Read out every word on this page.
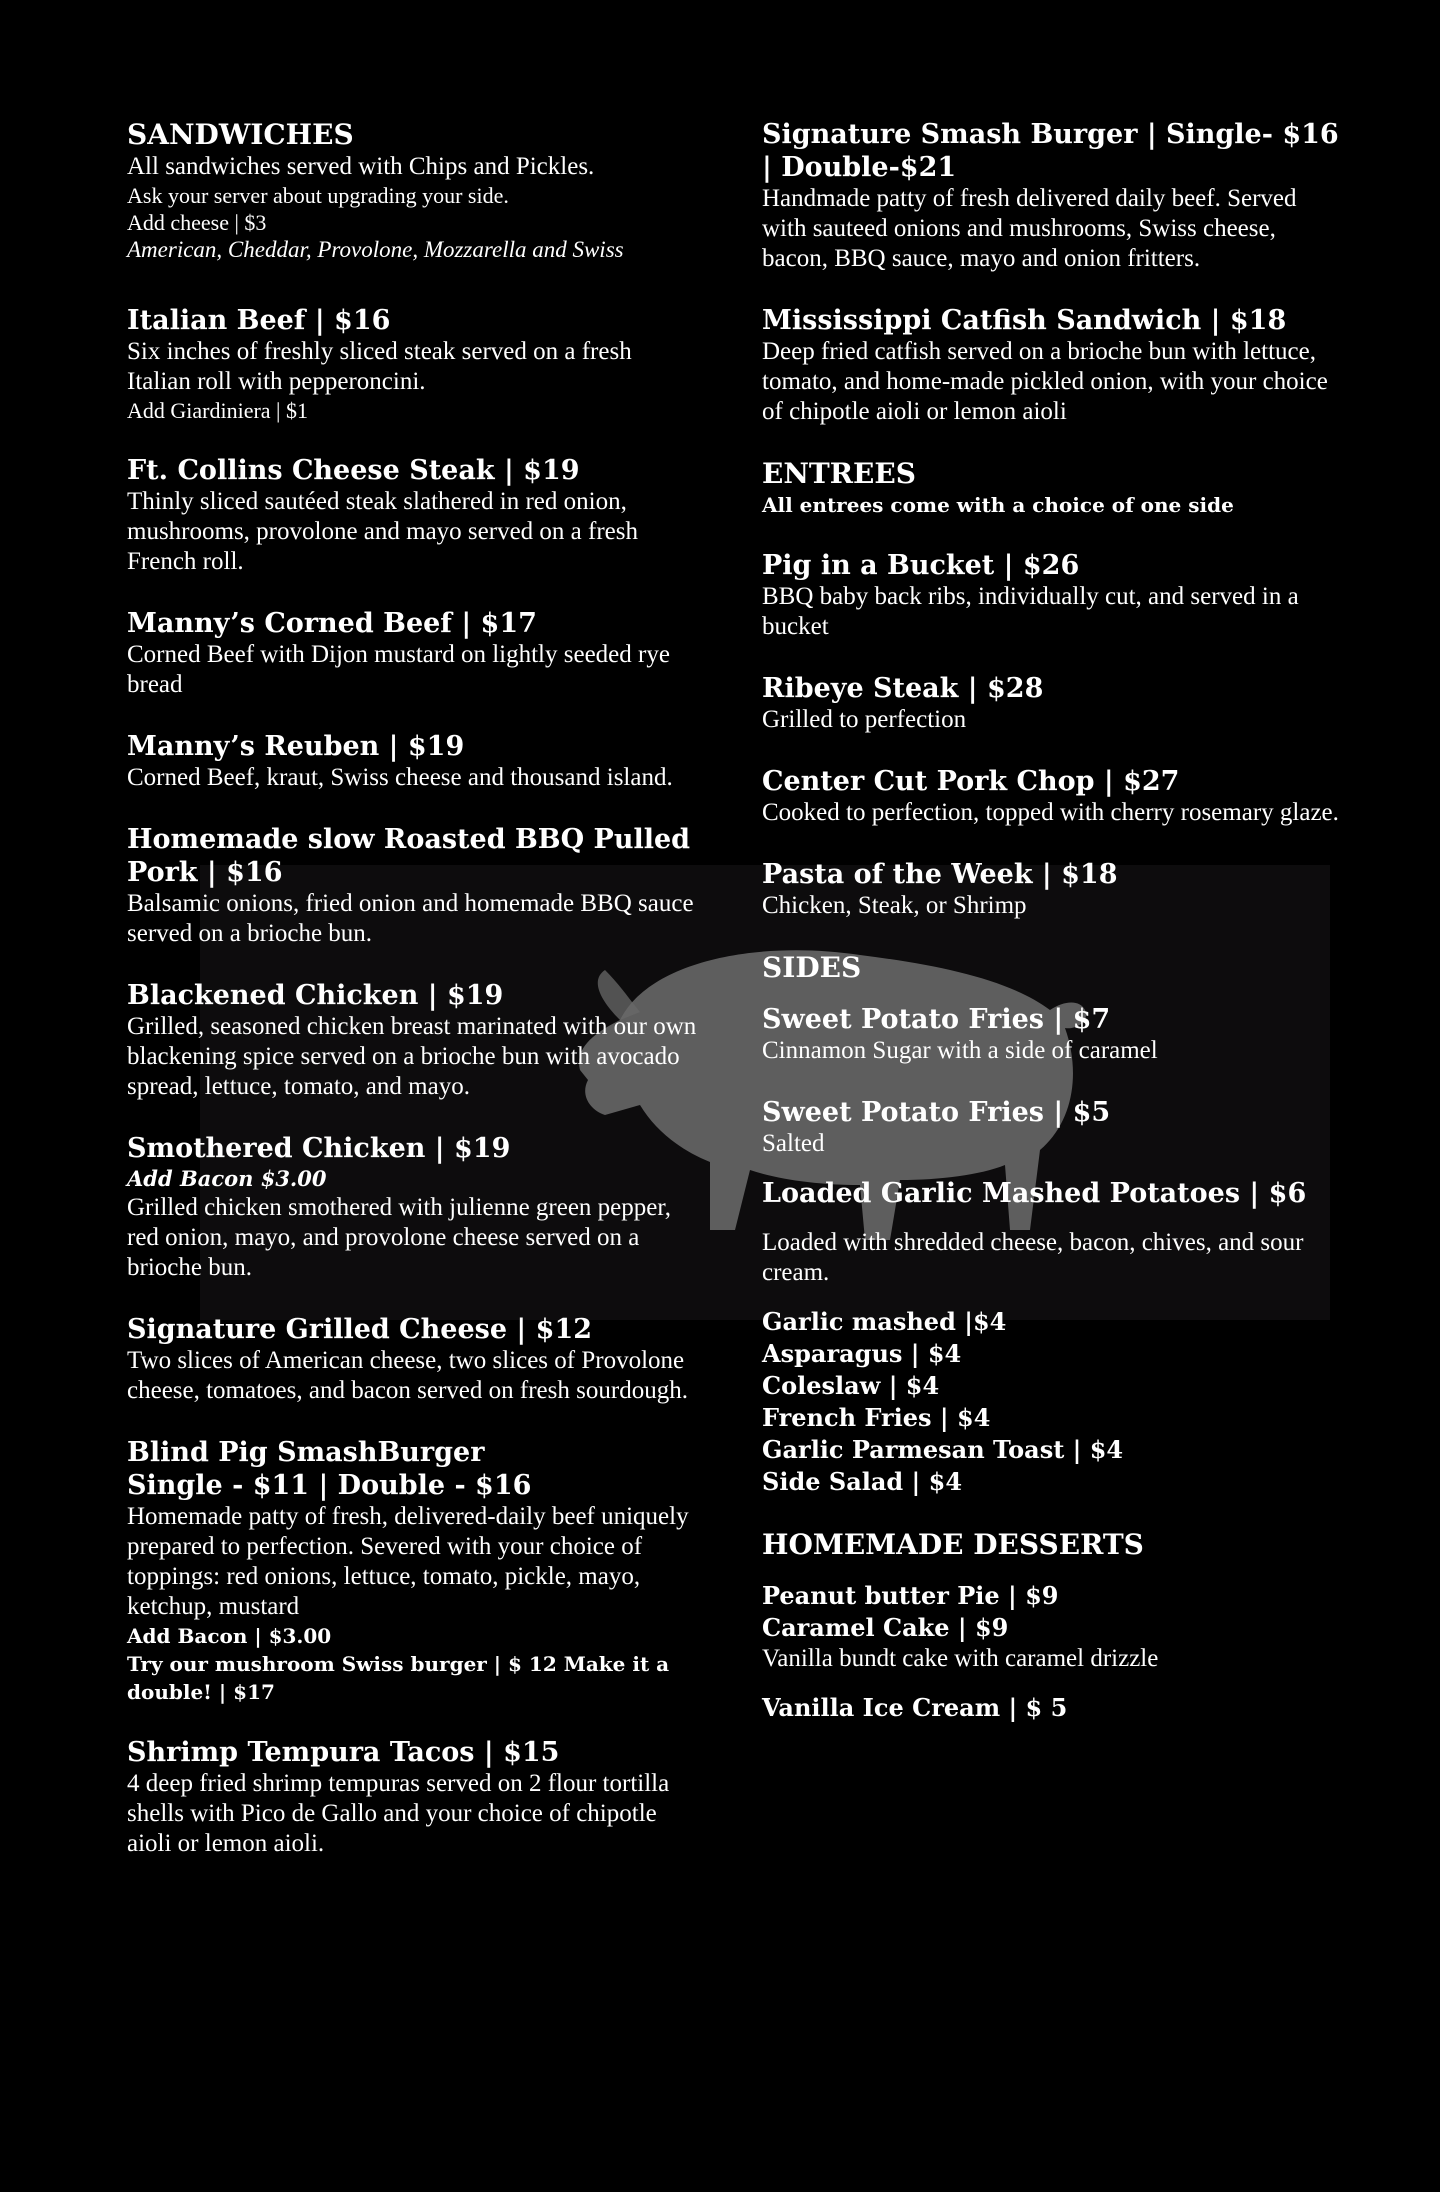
SANDWICHES
All sandwiches served with Chips and Pickles.
Ask your server about upgrading your side.
Add cheese | $3
American, Cheddar, Provolone, Mozzarella and Swiss
Italian Beef | $16
Six inches of freshly sliced steak served on a fresh Italian roll with pepperoncini.
Add Giardiniera | $1
Ft. Collins Cheese Steak | $19
Thinly sliced sautéed steak slathered in red onion, mushrooms, provolone and mayo served on a fresh French roll.
Manny’s Corned Beef | $17
Corned Beef with Dijon mustard on lightly seeded rye bread
Manny’s Reuben | $19
Corned Beef, kraut, Swiss cheese and thousand island.
Homemade slow Roasted BBQ Pulled Pork | $16
Balsamic onions, fried onion and homemade BBQ sauce served on a brioche bun.
Blackened Chicken | $19
Grilled, seasoned chicken breast marinated with our own blackening spice served on a brioche bun with avocado spread, lettuce, tomato, and mayo.
Smothered Chicken | $19
Add Bacon $3.00
Grilled chicken smothered with julienne green pepper, red onion, mayo, and provolone cheese served on a brioche bun.
Signature Grilled Cheese | $12
Two slices of American cheese, two slices of Provolone cheese, tomatoes, and bacon served on fresh sourdough.
Blind Pig SmashBurger
Single - $11 | Double - $16
Homemade patty of fresh, delivered-daily beef uniquely prepared to perfection. Severed with your choice of toppings: red onions, lettuce, tomato, pickle, mayo, ketchup, mustard
Add Bacon | $3.00
Try our mushroom Swiss burger | $ 12 Make it a double! | $17
Shrimp Tempura Tacos | $15
4 deep fried shrimp tempuras served on 2 flour tortilla shells with Pico de Gallo and your choice of chipotle aioli or lemon aioli.
Signature Smash Burger | Single- $16 | Double-$21
Handmade patty of fresh delivered daily beef. Served with sauteed onions and mushrooms, Swiss cheese, bacon, BBQ sauce, mayo and onion fritters.
Mississippi Catfish Sandwich | $18
Deep fried catfish served on a brioche bun with lettuce, tomato, and home-made pickled onion, with your choice of chipotle aioli or lemon aioli
ENTREES
All entrees come with a choice of one side
Pig in a Bucket | $26
BBQ baby back ribs, individually cut, and served in a bucket
Ribeye Steak | $28
Grilled to perfection
Center Cut Pork Chop | $27
Cooked to perfection, topped with cherry rosemary glaze.
Pasta of the Week | $18
Chicken, Steak, or Shrimp
SIDES
Sweet Potato Fries | $7
Cinnamon Sugar with a side of caramel
Sweet Potato Fries | $5
Salted
Loaded Garlic Mashed Potatoes | $6
Loaded with shredded cheese, bacon, chives, and sour cream.
Garlic mashed |$4
Asparagus | $4
Coleslaw | $4
French Fries | $4
Garlic Parmesan Toast | $4
Side Salad | $4
HOMEMADE DESSERTS
Peanut butter Pie | $9
Caramel Cake | $9
Vanilla bundt cake with caramel drizzle
Vanilla Ice Cream | $ 5
